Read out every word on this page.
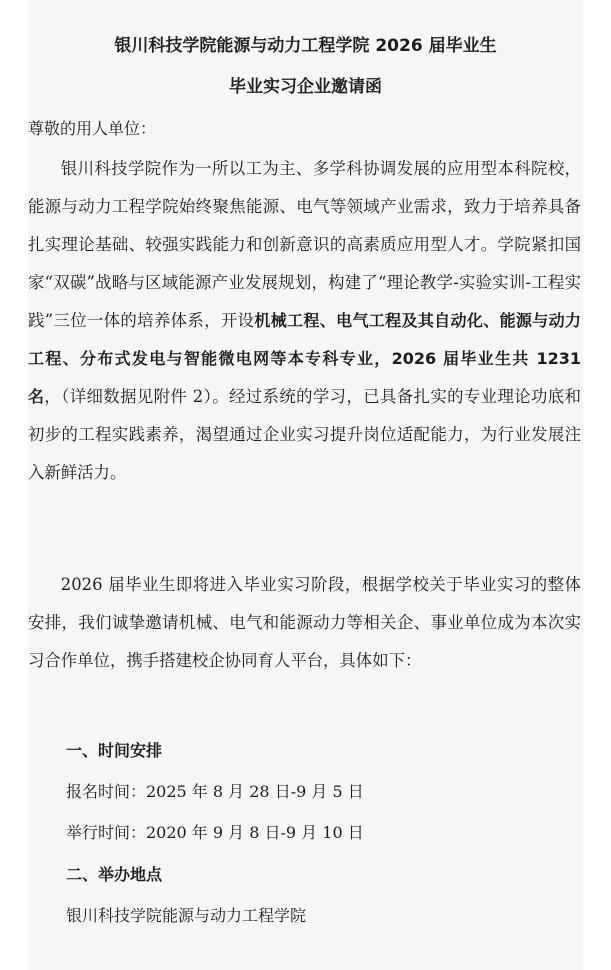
银川科技学院能源与动力工程学院 2026 届毕业生
毕业实习企业邀请函

尊敬的用人单位：

银川科技学院作为一所以工为主、多学科协调发展的应用型本科院校，能源与动力工程学院始终聚焦能源、电气等领域产业需求，致力于培养具备扎实理论基础、较强实践能力和创新意识的高素质应用型人才。学院紧扣国家“双碳”战略与区域能源产业发展规划，构建了“理论教学-实验实训-工程实践”三位一体的培养体系，开设机械工程、电气工程及其自动化、能源与动力工程、分布式发电与智能微电网等本专科专业，2026 届毕业生共 1231 名，（详细数据见附件 2）。经过系统的学习，已具备扎实的专业理论功底和初步的工程实践素养，渴望通过企业实习提升岗位适配能力，为行业发展注入新鲜活力。

2026 届毕业生即将进入毕业实习阶段，根据学校关于毕业实习的整体安排，我们诚挚邀请机械、电气和能源动力等相关企、事业单位成为本次实习合作单位，携手搭建校企协同育人平台，具体如下：

一、时间安排

报名时间：2025 年 8 月 28 日-9 月 5 日

举行时间：2020 年 9 月 8 日-9 月 10 日

二、举办地点

银川科技学院能源与动力工程学院
